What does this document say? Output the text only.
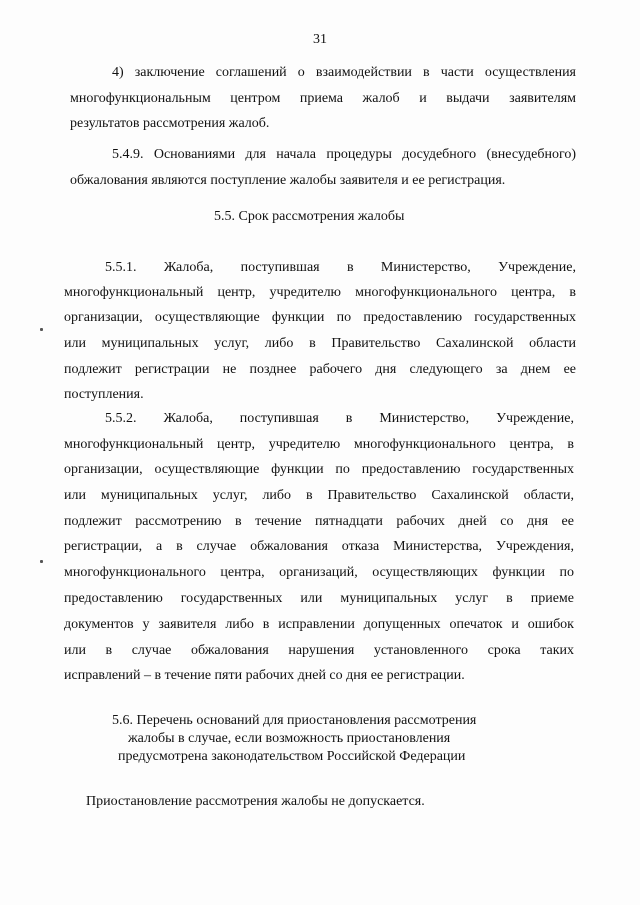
31
4) заключение соглашений о взаимодействии в части осуществления
многофункциональным центром приема жалоб и выдачи заявителям
результатов рассмотрения жалоб.
5.4.9. Основаниями для начала процедуры досудебного (внесудебного)
обжалования являются поступление жалобы заявителя и ее регистрация.
5.5. Срок рассмотрения жалобы
5.5.1. Жалоба, поступившая в Министерство, Учреждение,
многофункциональный центр, учредителю многофункционального центра, в
организации, осуществляющие функции по предоставлению государственных
или муниципальных услуг, либо в Правительство Сахалинской области
подлежит регистрации не позднее рабочего дня следующего за днем ее
поступления.
5.5.2. Жалоба, поступившая в Министерство, Учреждение,
многофункциональный центр, учредителю многофункционального центра, в
организации, осуществляющие функции по предоставлению государственных
или муниципальных услуг, либо в Правительство Сахалинской области,
подлежит рассмотрению в течение пятнадцати рабочих дней со дня ее
регистрации, а в случае обжалования отказа Министерства, Учреждения,
многофункционального центра, организаций, осуществляющих функции по
предоставлению государственных или муниципальных услуг в приеме
документов у заявителя либо в исправлении допущенных опечаток и ошибок
или в случае обжалования нарушения установленного срока таких
исправлений – в течение пяти рабочих дней со дня ее регистрации.
5.6. Перечень оснований для приостановления рассмотрения
жалобы в случае, если возможность приостановления
предусмотрена законодательством Российской Федерации
Приостановление рассмотрения жалобы не допускается.
